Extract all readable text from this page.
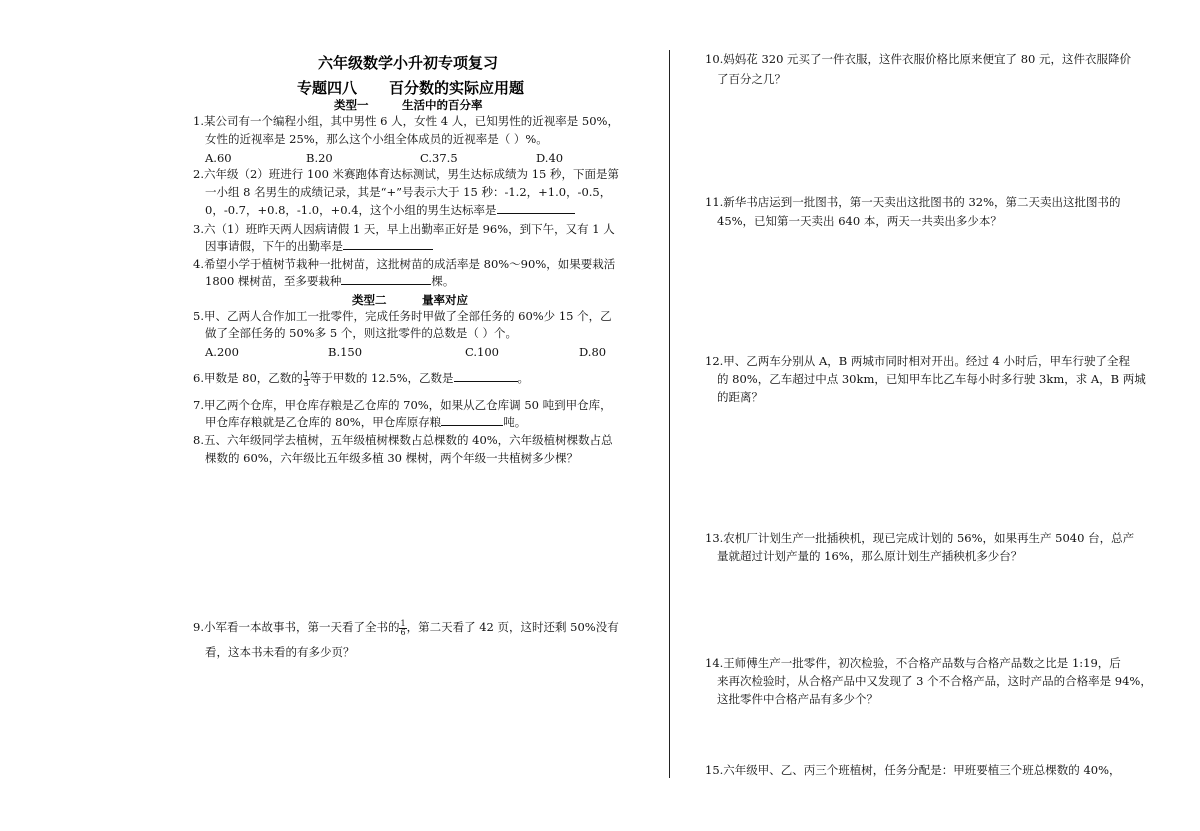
六年级数学小升初专项复习
专题四八 百分数的实际应用题
类型一	生活中的百分率
1.某公司有一个编程小组，其中男性 6 人，女性 4 人，已知男性的近视率是 50%，
女性的近视率是 25%，那么这个小组全体成员的近视率是（ ）%。
A.60	B.20	C.37.5	D.40
2.六年级（2）班进行 100 米赛跑体育达标测试，男生达标成绩为 15 秒，下面是第
一小组 8 名男生的成绩记录，其是“+”号表示大于 15 秒：-1.2，+1.0，-0.5，
0，-0.7，+0.8，-1.0，+0.4，这个小组的男生达标率是
3.六（1）班昨天两人因病请假 1 天，早上出勤率正好是 96%，到下午，又有 1 人
因事请假，下午的出勤率是
4.希望小学于植树节栽种一批树苗，这批树苗的成活率是 80%～90%，如果要栽活
1800 棵树苗，至多要栽种	棵。
类型二	量率对应
5.甲、乙两人合作加工一批零件，完成任务时甲做了全部任务的 60%少 15 个，乙
做了全部任务的 50%多 5 个，则这批零件的总数是（ ）个。
A.200	B.150	C.100	D.80
6.甲数是 80，乙数的 $\frac{1}{3}$ 等于甲数的 12.5%，乙数是	。
7.甲乙两个仓库，甲仓库存粮是乙仓库的 70%，如果从乙仓库调 50 吨到甲仓库，
甲仓库存粮就是乙仓库的 80%，甲仓库原存粮	吨。
8.五、六年级同学去植树，五年级植树棵数占总棵数的 40%，六年级植树棵数占总
棵数的 60%，六年级比五年级多植 30 棵树，两个年级一共植树多少棵？
9.小军看一本故事书，第一天看了全书的 $\frac{1}{6}$ ，第二天看了 42 页，这时还剩 50%没有
看，这本书未看的有多少页？
10.妈妈花 320 元买了一件衣服，这件衣服价格比原来便宜了 80 元，这件衣服降价
了百分之几？
11.新华书店运到一批图书，第一天卖出这批图书的 32%，第二天卖出这批图书的
45%，已知第一天卖出 640 本，两天一共卖出多少本？
12.甲、乙两车分别从 A，B 两城市同时相对开出。经过 4 小时后，甲车行驶了全程
的 80%，乙车超过中点 30km，已知甲车比乙车每小时多行驶 3km，求 A，B 两城
的距离？
13.农机厂计划生产一批插秧机，现已完成计划的 56%，如果再生产 5040 台，总产
量就超过计划产量的 16%，那么原计划生产插秧机多少台？
14.王师傅生产一批零件，初次检验，不合格产品数与合格产品数之比是 1:19，后
来再次检验时，从合格产品中又发现了 3 个不合格产品，这时产品的合格率是 94%，
这批零件中合格产品有多少个？
15.六年级甲、乙、丙三个班植树，任务分配是：甲班要植三个班总棵数的 40%，
